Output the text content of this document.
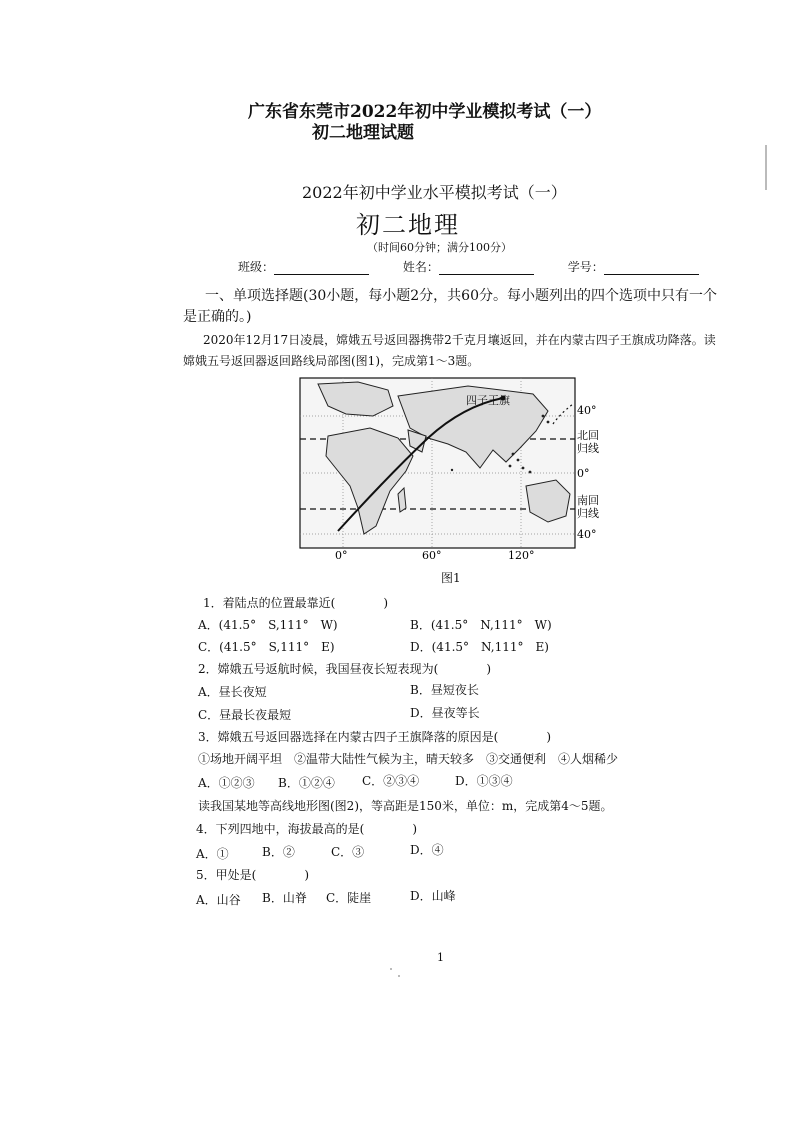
广东省东莞市2022年初中学业模拟考试（一）
初二地理试题
2022年初中学业水平模拟考试（一）
初二地理
（时间60分钟；满分100分）
班级：	姓名：	学号：
一、单项选择题(30小题，每小题2分，共60分。每小题列出的四个选项中只有一个
是正确的。)
2020年12月17日凌晨，嫦娥五号返回器携带2千克月壤返回，并在内蒙古四子王旗成功降落。读
嫦娥五号返回器返回路线局部图(图1)，完成第1～3题。
四子王旗
40°
北回
归线
0°
南回
归线
40°
0°	60°	120°
图1
1．着陆点的位置最靠近(　　　　)
A．(41.5°　S,111°　W)	B．(41.5°　N,111°　W)
C．(41.5°　S,111°　E)	D．(41.5°　N,111°　E)
2．嫦娥五号返航时候，我国昼夜长短表现为(　　　　)
A．昼长夜短	B．昼短夜长
C．昼最长夜最短	D．昼夜等长
3．嫦娥五号返回器选择在内蒙古四子王旗降落的原因是(　　　　)
①场地开阔平坦　②温带大陆性气候为主，晴天较多　③交通便利　④人烟稀少
A．①②③ B．①②④ C．②③④	D．①③④
读我国某地等高线地形图(图2)，等高距是150米，单位：m，完成第4～5题。
4．下列四地中，海拔最高的是(　　　　)
A．①	B．②	C．③	D．④
5．甲处是(　　　　)
A．山谷 B．山脊 C．陡崖	D．山峰
1
